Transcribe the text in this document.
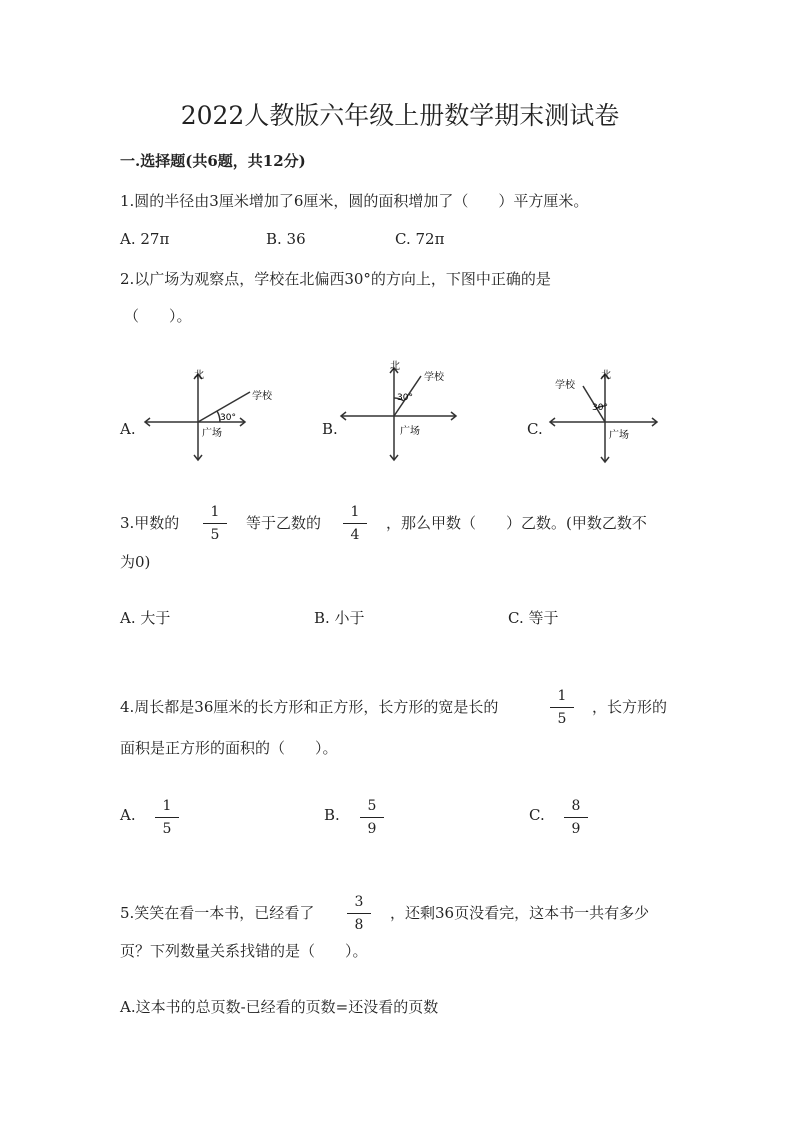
2022人教版六年级上册数学期末测试卷
一.选择题(共6题，共12分)
1.圆的半径由3厘米增加了6厘米，圆的面积增加了（　　）平方厘米。
A. 27π	B. 36	C. 72π
2.以广场为观察点，学校在北偏西30°的方向上，下图中正确的是
（　　）。
A.	B.	C.
北
学校
30°
广场
北
学校
30°
广场
北
学校
30°
广场
3.甲数的 $\frac{1}{5}$ 等于乙数的 $\frac{1}{4}$ ，那么甲数（　　）乙数。(甲数乙数不
为0)
A. 大于	B. 小于	C. 等于
4.周长都是36厘米的长方形和正方形，长方形的宽是长的	$\frac{1}{5}$ ，长方形的
面积是正方形的面积的（　　）。
A. $\frac{1}{5}$	B. $\frac{5}{9}$	C. $\frac{8}{9}$
5.笑笑在看一本书，已经看了 $\frac{3}{8}$ ，还剩36页没看完，这本书一共有多少
页？下列数量关系找错的是（　　）。
A.这本书的总页数-已经看的页数=还没看的页数
